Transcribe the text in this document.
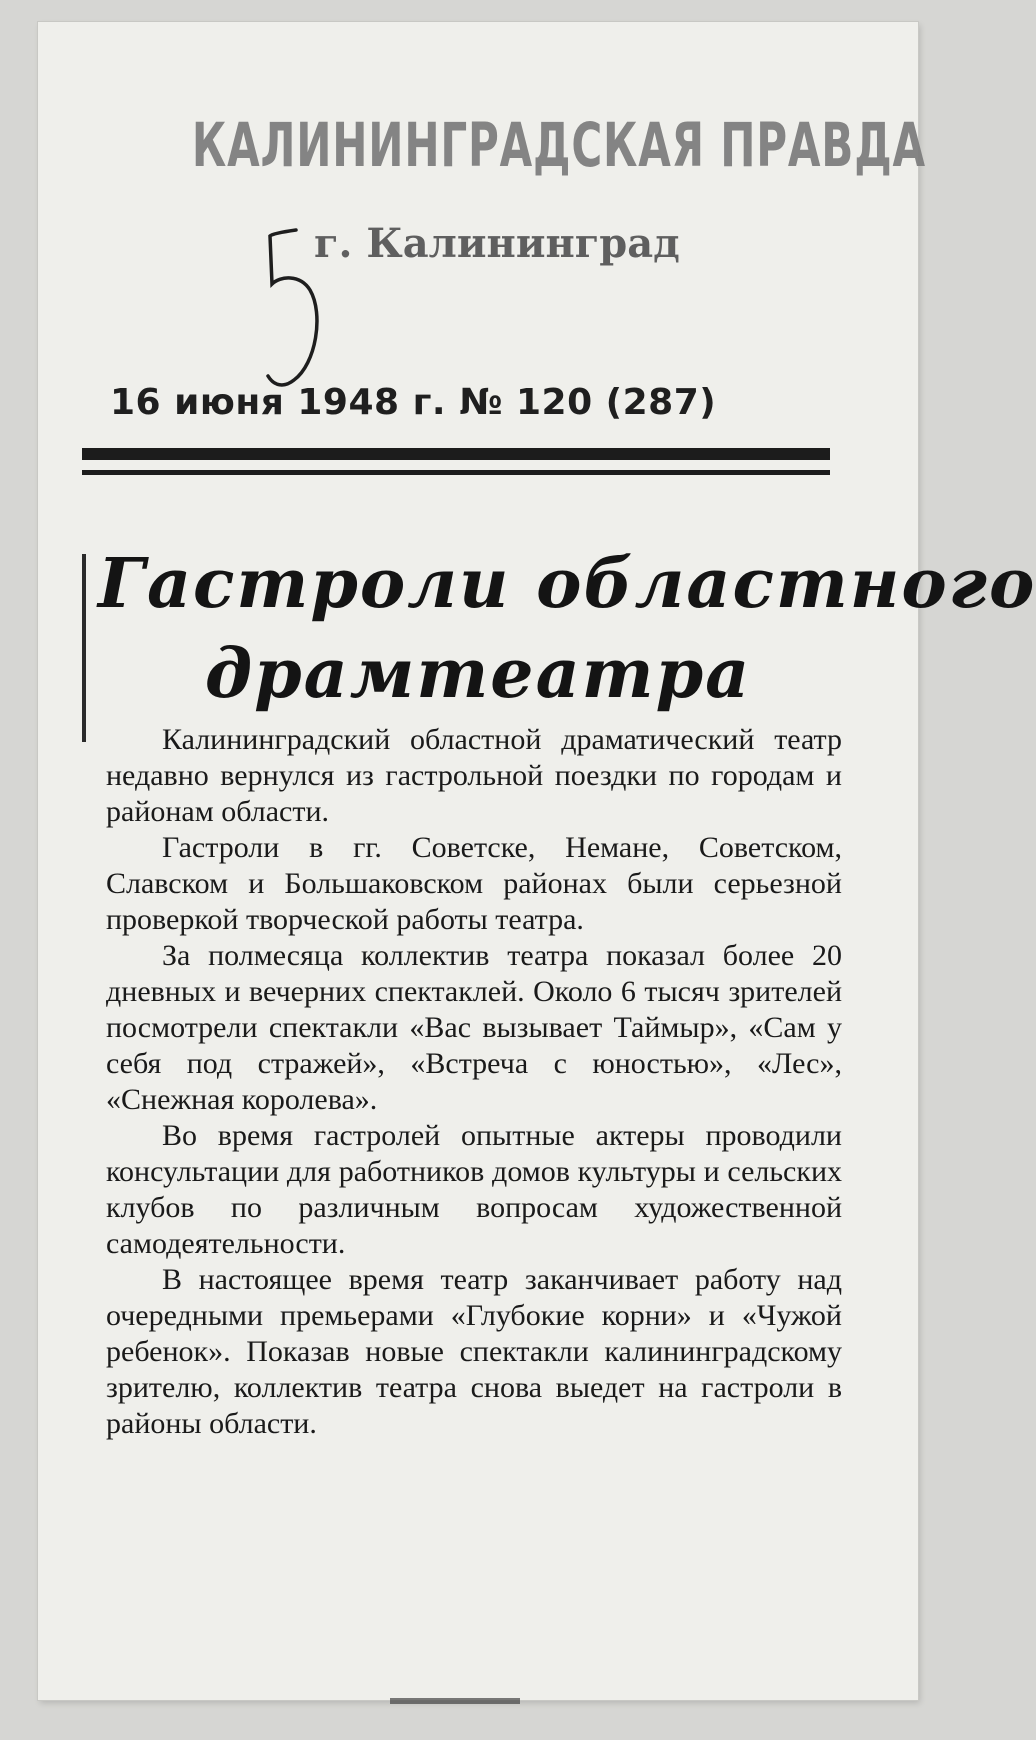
КАЛИНИНГРАДСКАЯ ПРАВДА
г. Калининград
16 июня 1948 г. № 120 (287)
Гастроли областного
драмтеатра

Калининградский областной драматический театр недавно вернулся из гастрольной поездки по городам и районам области.

Гастроли в гг. Советске, Немане, Советском, Славском и Большаковском районах были серьезной проверкой творческой работы театра.

За полмесяца коллектив театра показал более 20 дневных и вечерних спектаклей. Около 6 тысяч зрителей посмотрели спектакли «Вас вызывает Таймыр», «Сам у себя под стражей», «Встреча с юностью», «Лес», «Снежная королева».

Во время гастролей опытные актеры проводили консультации для работников домов культуры и сельских клубов по различным вопросам художественной самодеятельности.

В настоящее время театр заканчивает работу над очередными премьерами «Глубокие корни» и «Чужой ребенок». Показав новые спектакли калининградскому зрителю, коллектив театра снова выедет на гастроли в районы области.
